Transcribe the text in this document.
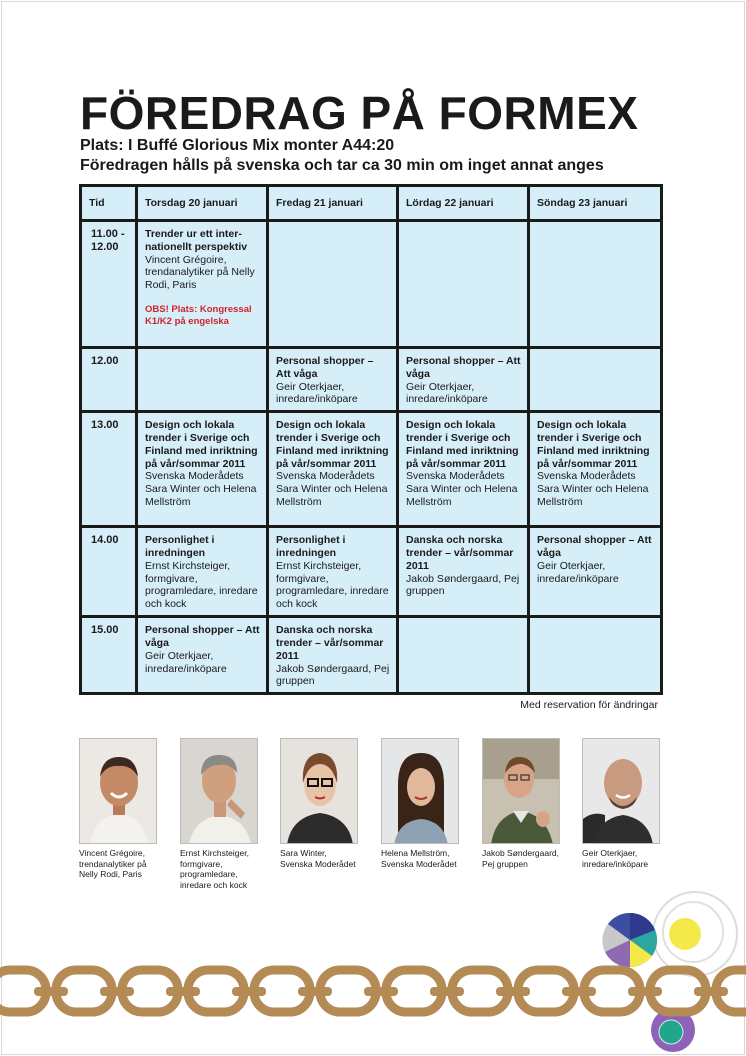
FÖREDRAG PÅ FORMEX
Plats: I Buffé Glorious Mix monter A44:20
Föredragen hålls på svenska och tar ca 30 min om inget annat anges
Tid	Torsdag 20 januari	Fredag 21 januari	Lördag 22 januari	Söndag 23 januari
11.00 - 12.00	Trender ur ett inter-nationellt perspektiv
Vincent Grégoire, trendanalytiker på Nelly Rodi, Paris
OBS! Plats: Kongressal K1/K2 på engelska			

12.00		Personal shopper – Att våga
Geir Oterkjaer, inredare/inköpare	Personal shopper – Att våga
Geir Oterkjaer, inredare/inköpare	

13.00	Design och lokala trender i Sverige och Finland med inriktning på vår/sommar 2011
Svenska Moderådets Sara Winter och Helena Mellström	Design och lokala trender i Sverige och Finland med inriktning på vår/sommar 2011
Svenska Moderådets Sara Winter och Helena Mellström	Design och lokala trender i Sverige och Finland med inriktning på vår/sommar 2011
Svenska Moderådets Sara Winter och Helena Mellström	Design och lokala trender i Sverige och Finland med inriktning på vår/sommar 2011
Svenska Moderådets Sara Winter och Helena Mellström

14.00	Personlighet i inredningen
Ernst Kirchsteiger, formgivare, programledare, inredare och kock	Personlighet i inredningen
Ernst Kirchsteiger, formgivare, programledare, inredare och kock	Danska och norska trender – vår/sommar 2011
Jakob Søndergaard, Pej gruppen	Personal shopper – Att våga
Geir Oterkjaer, inredare/inköpare

15.00	Personal shopper – Att våga
Geir Oterkjaer, inredare/inköpare	Danska och norska trender – vår/sommar 2011
Jakob Søndergaard, Pej gruppen		

Med reservation för ändringar
Vincent Grégoire, trendanalytiker på Nelly Rodi, Paris
Ernst Kirchsteiger, formgivare, programledare, inredare och kock
Sara Winter, Svenska Moderådet
Helena Mellström, Svenska Moderådet
Jakob Søndergaard, Pej gruppen
Geir Oterkjaer, inredare/inköpare
